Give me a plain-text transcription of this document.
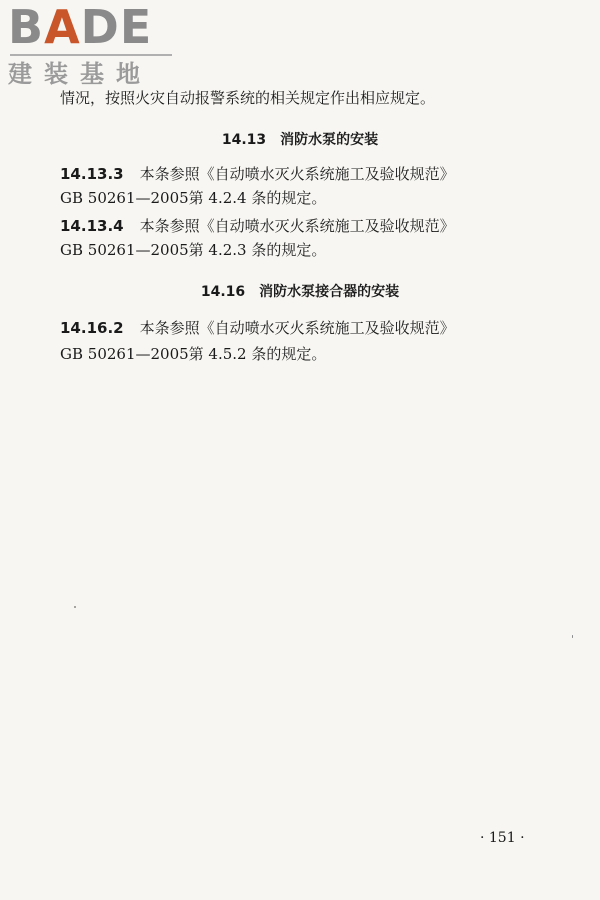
BADE
建装基地
情况，按照火灾自动报警系统的相关规定作出相应规定。
14.13 消防水泵的安装
14.13.3 本条参照《自动喷水灭火系统施工及验收规范》
GB 50261—2005第 4.2.4 条的规定。
14.13.4 本条参照《自动喷水灭火系统施工及验收规范》
GB 50261—2005第 4.2.3 条的规定。
14.16 消防水泵接合器的安装
14.16.2 本条参照《自动喷水灭火系统施工及验收规范》
GB 50261—2005第 4.5.2 条的规定。
· 151 ·
